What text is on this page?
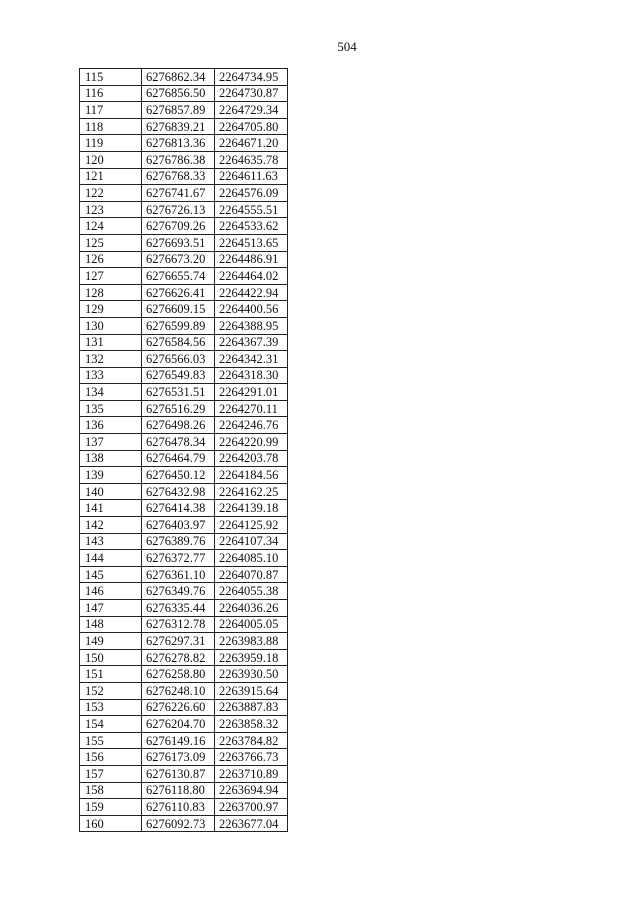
504
115	6276862.34	2264734.95
116	6276856.50	2264730.87
117	6276857.89	2264729.34
118	6276839.21	2264705.80
119	6276813.36	2264671.20
120	6276786.38	2264635.78
121	6276768.33	2264611.63
122	6276741.67	2264576.09
123	6276726.13	2264555.51
124	6276709.26	2264533.62
125	6276693.51	2264513.65
126	6276673.20	2264486.91
127	6276655.74	2264464.02
128	6276626.41	2264422.94
129	6276609.15	2264400.56
130	6276599.89	2264388.95
131	6276584.56	2264367.39
132	6276566.03	2264342.31
133	6276549.83	2264318.30
134	6276531.51	2264291.01
135	6276516.29	2264270.11
136	6276498.26	2264246.76
137	6276478.34	2264220.99
138	6276464.79	2264203.78
139	6276450.12	2264184.56
140	6276432.98	2264162.25
141	6276414.38	2264139.18
142	6276403.97	2264125.92
143	6276389.76	2264107.34
144	6276372.77	2264085.10
145	6276361.10	2264070.87
146	6276349.76	2264055.38
147	6276335.44	2264036.26
148	6276312.78	2264005.05
149	6276297.31	2263983.88
150	6276278.82	2263959.18
151	6276258.80	2263930.50
152	6276248.10	2263915.64
153	6276226.60	2263887.83
154	6276204.70	2263858.32
155	6276149.16	2263784.82
156	6276173.09	2263766.73
157	6276130.87	2263710.89
158	6276118.80	2263694.94
159	6276110.83	2263700.97
160	6276092.73	2263677.04
